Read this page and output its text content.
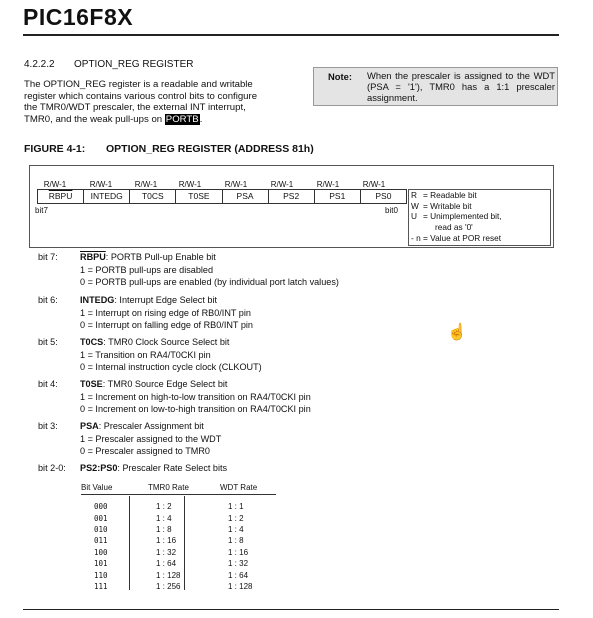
PIC16F8X
4.2.2.2 OPTION_REG REGISTER
The OPTION_REG register is a readable and writable
register which contains various control bits to configure
the TMR0/WDT prescaler, the external INT interrupt,
TMR0, and the weak pull-ups on PORTB.
Note: When the prescaler is assigned to the WDT (PSA = '1'), TMR0 has a 1:1 prescaler assignment.
FIGURE 4-1: OPTION_REG REGISTER (ADDRESS 81h)
R/W-1	R/W-1	R/W-1	R/W-1	R/W-1	R/W-1	R/W-1	R/W-1
RBPU	INTEDG	T0CS	T0SE	PSA	PS2	PS1	PS0
bit7	bit0
R = Readable bit
W = Writable bit
U = Unimplemented bit,
read as '0'
- n = Value at POR reset
bit 7: RBPU: PORTB Pull-up Enable bit
1 = PORTB pull-ups are disabled
0 = PORTB pull-ups are enabled (by individual port latch values)
bit 6: INTEDG: Interrupt Edge Select bit
1 = Interrupt on rising edge of RB0/INT pin
0 = Interrupt on falling edge of RB0/INT pin
bit 5: T0CS: TMR0 Clock Source Select bit
1 = Transition on RA4/T0CKI pin
0 = Internal instruction cycle clock (CLKOUT)
bit 4: T0SE: TMR0 Source Edge Select bit
1 = Increment on high-to-low transition on RA4/T0CKI pin
0 = Increment on low-to-high transition on RA4/T0CKI pin
bit 3: PSA: Prescaler Assignment bit
1 = Prescaler assigned to the WDT
0 = Prescaler assigned to TMR0
bit 2-0: PS2:PS0: Prescaler Rate Select bits
Bit Value	TMR0 Rate	WDT Rate
000	1 : 2	1 : 1
001	1 : 4	1 : 2
010	1 : 8	1 : 4
011	1 : 16	1 : 8
100	1 : 32	1 : 16
101	1 : 64	1 : 32
110	1 : 128	1 : 64
111	1 : 256	1 : 128
☝
